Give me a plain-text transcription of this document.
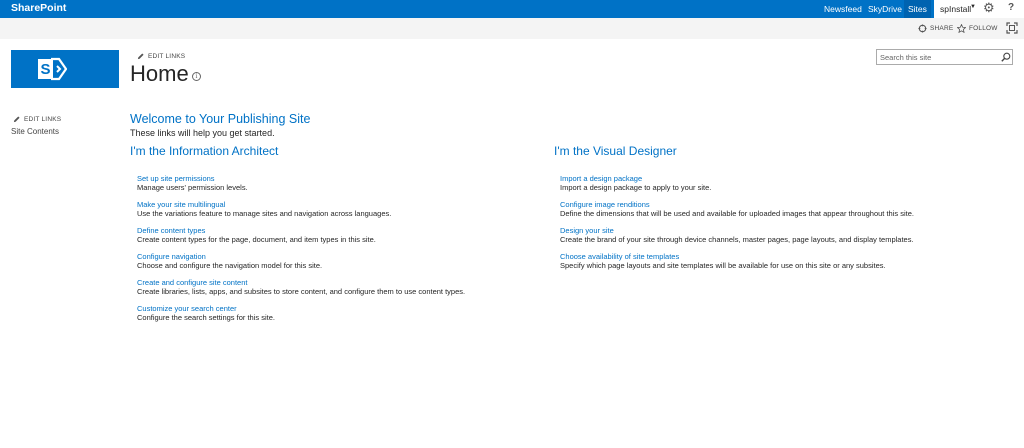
SharePoint	Newsfeed SkyDrive Sites	spInstall
▼ ⚙ ?
SHARE FOLLOW
S
EDIT LINKS
Home	i
Search this site
EDIT LINKS
Site Contents
Welcome to Your Publishing Site

These links will help you get started.

I'm the Information Architect	I'm the Visual Designer
Set up site permissions
Manage users' permission levels.
Make your site multilingual
Use the variations feature to manage sites and navigation across languages.
Define content types
Create content types for the page, document, and item types in this site.
Configure navigation
Choose and configure the navigation model for this site.
Create and configure site content
Create libraries, lists, apps, and subsites to store content, and configure them to use content types.
Customize your search center
Configure the search settings for this site.
Import a design package
Import a design package to apply to your site.
Configure image renditions
Define the dimensions that will be used and available for uploaded images that appear throughout this site.
Design your site
Create the brand of your site through device channels, master pages, page layouts, and display templates.
Choose availability of site templates
Specify which page layouts and site templates will be available for use on this site or any subsites.
